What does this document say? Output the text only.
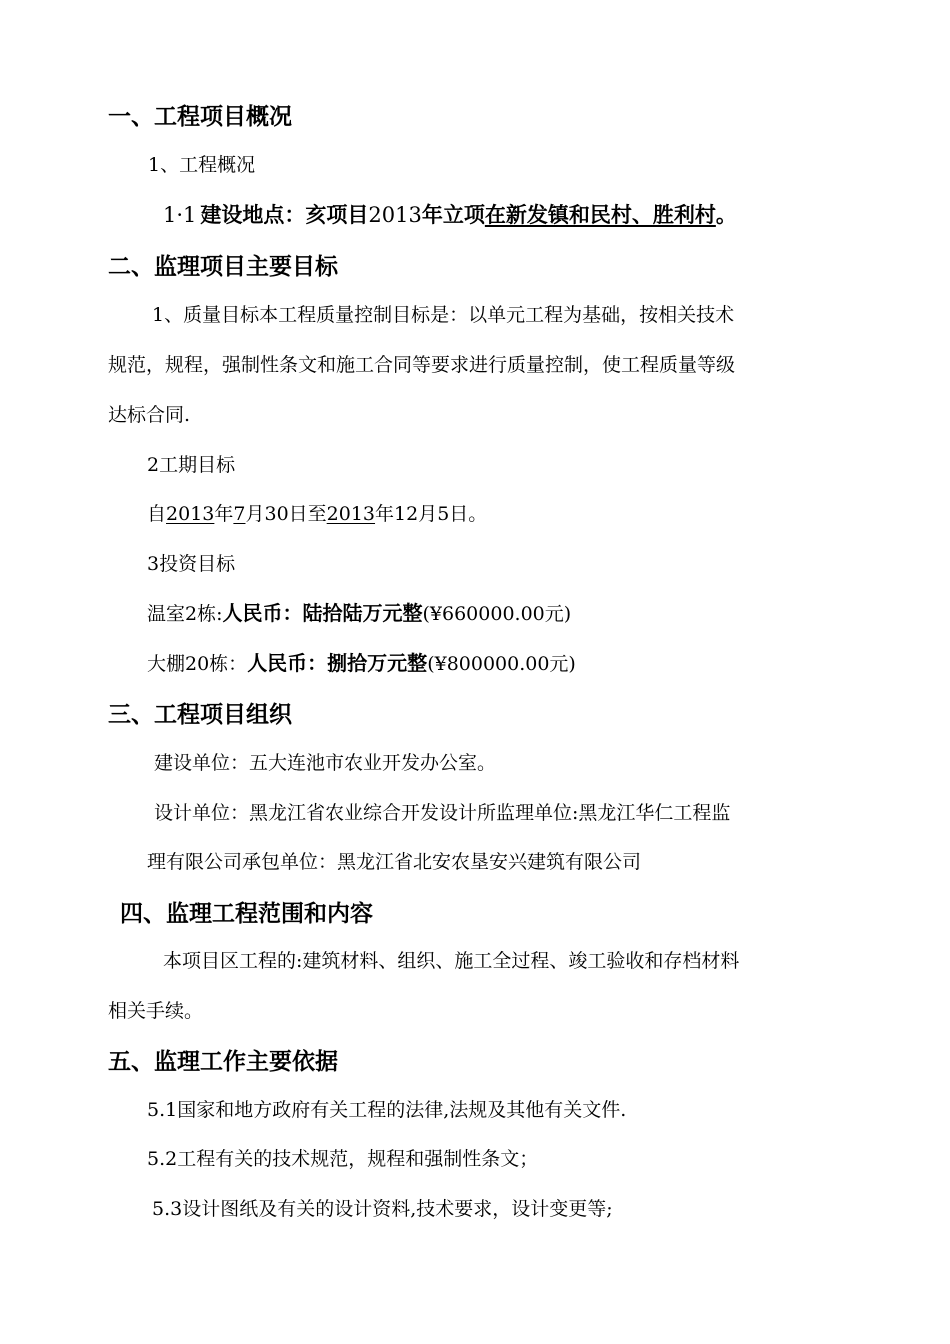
一、工程项目概况
1、工程概况
1·1 建设地点：亥项目2013年立项在新发镇和民村、胜利村。
二、监理项目主要目标
1、质量目标本工程质量控制目标是：以单元工程为基础，按相关技术
规范，规程，强制性条文和施工合同等要求进行质量控制，使工程质量等级
达标合同.
2工期目标
自2013年7月30日至2013年12月5日。
3投资目标
温室2栋:人民币：陆拾陆万元整(¥660000.00元)
大棚20栋：人民币：捌拾万元整(¥800000.00元)
三、工程项目组织
建设单位：五大连池市农业开发办公室。
设计单位：黑龙江省农业综合开发设计所监理单位:黑龙江华仁工程监
理有限公司承包单位：黑龙江省北安农垦安兴建筑有限公司
四、监理工程范围和内容
本项目区工程的:建筑材料、组织、施工全过程、竣工验收和存档材料
相关手续。
五、监理工作主要依据
5.1国家和地方政府有关工程的法律,法规及其他有关文件.
5.2工程有关的技术规范，规程和强制性条文；
5.3设计图纸及有关的设计资料,技术要求，设计变更等;
